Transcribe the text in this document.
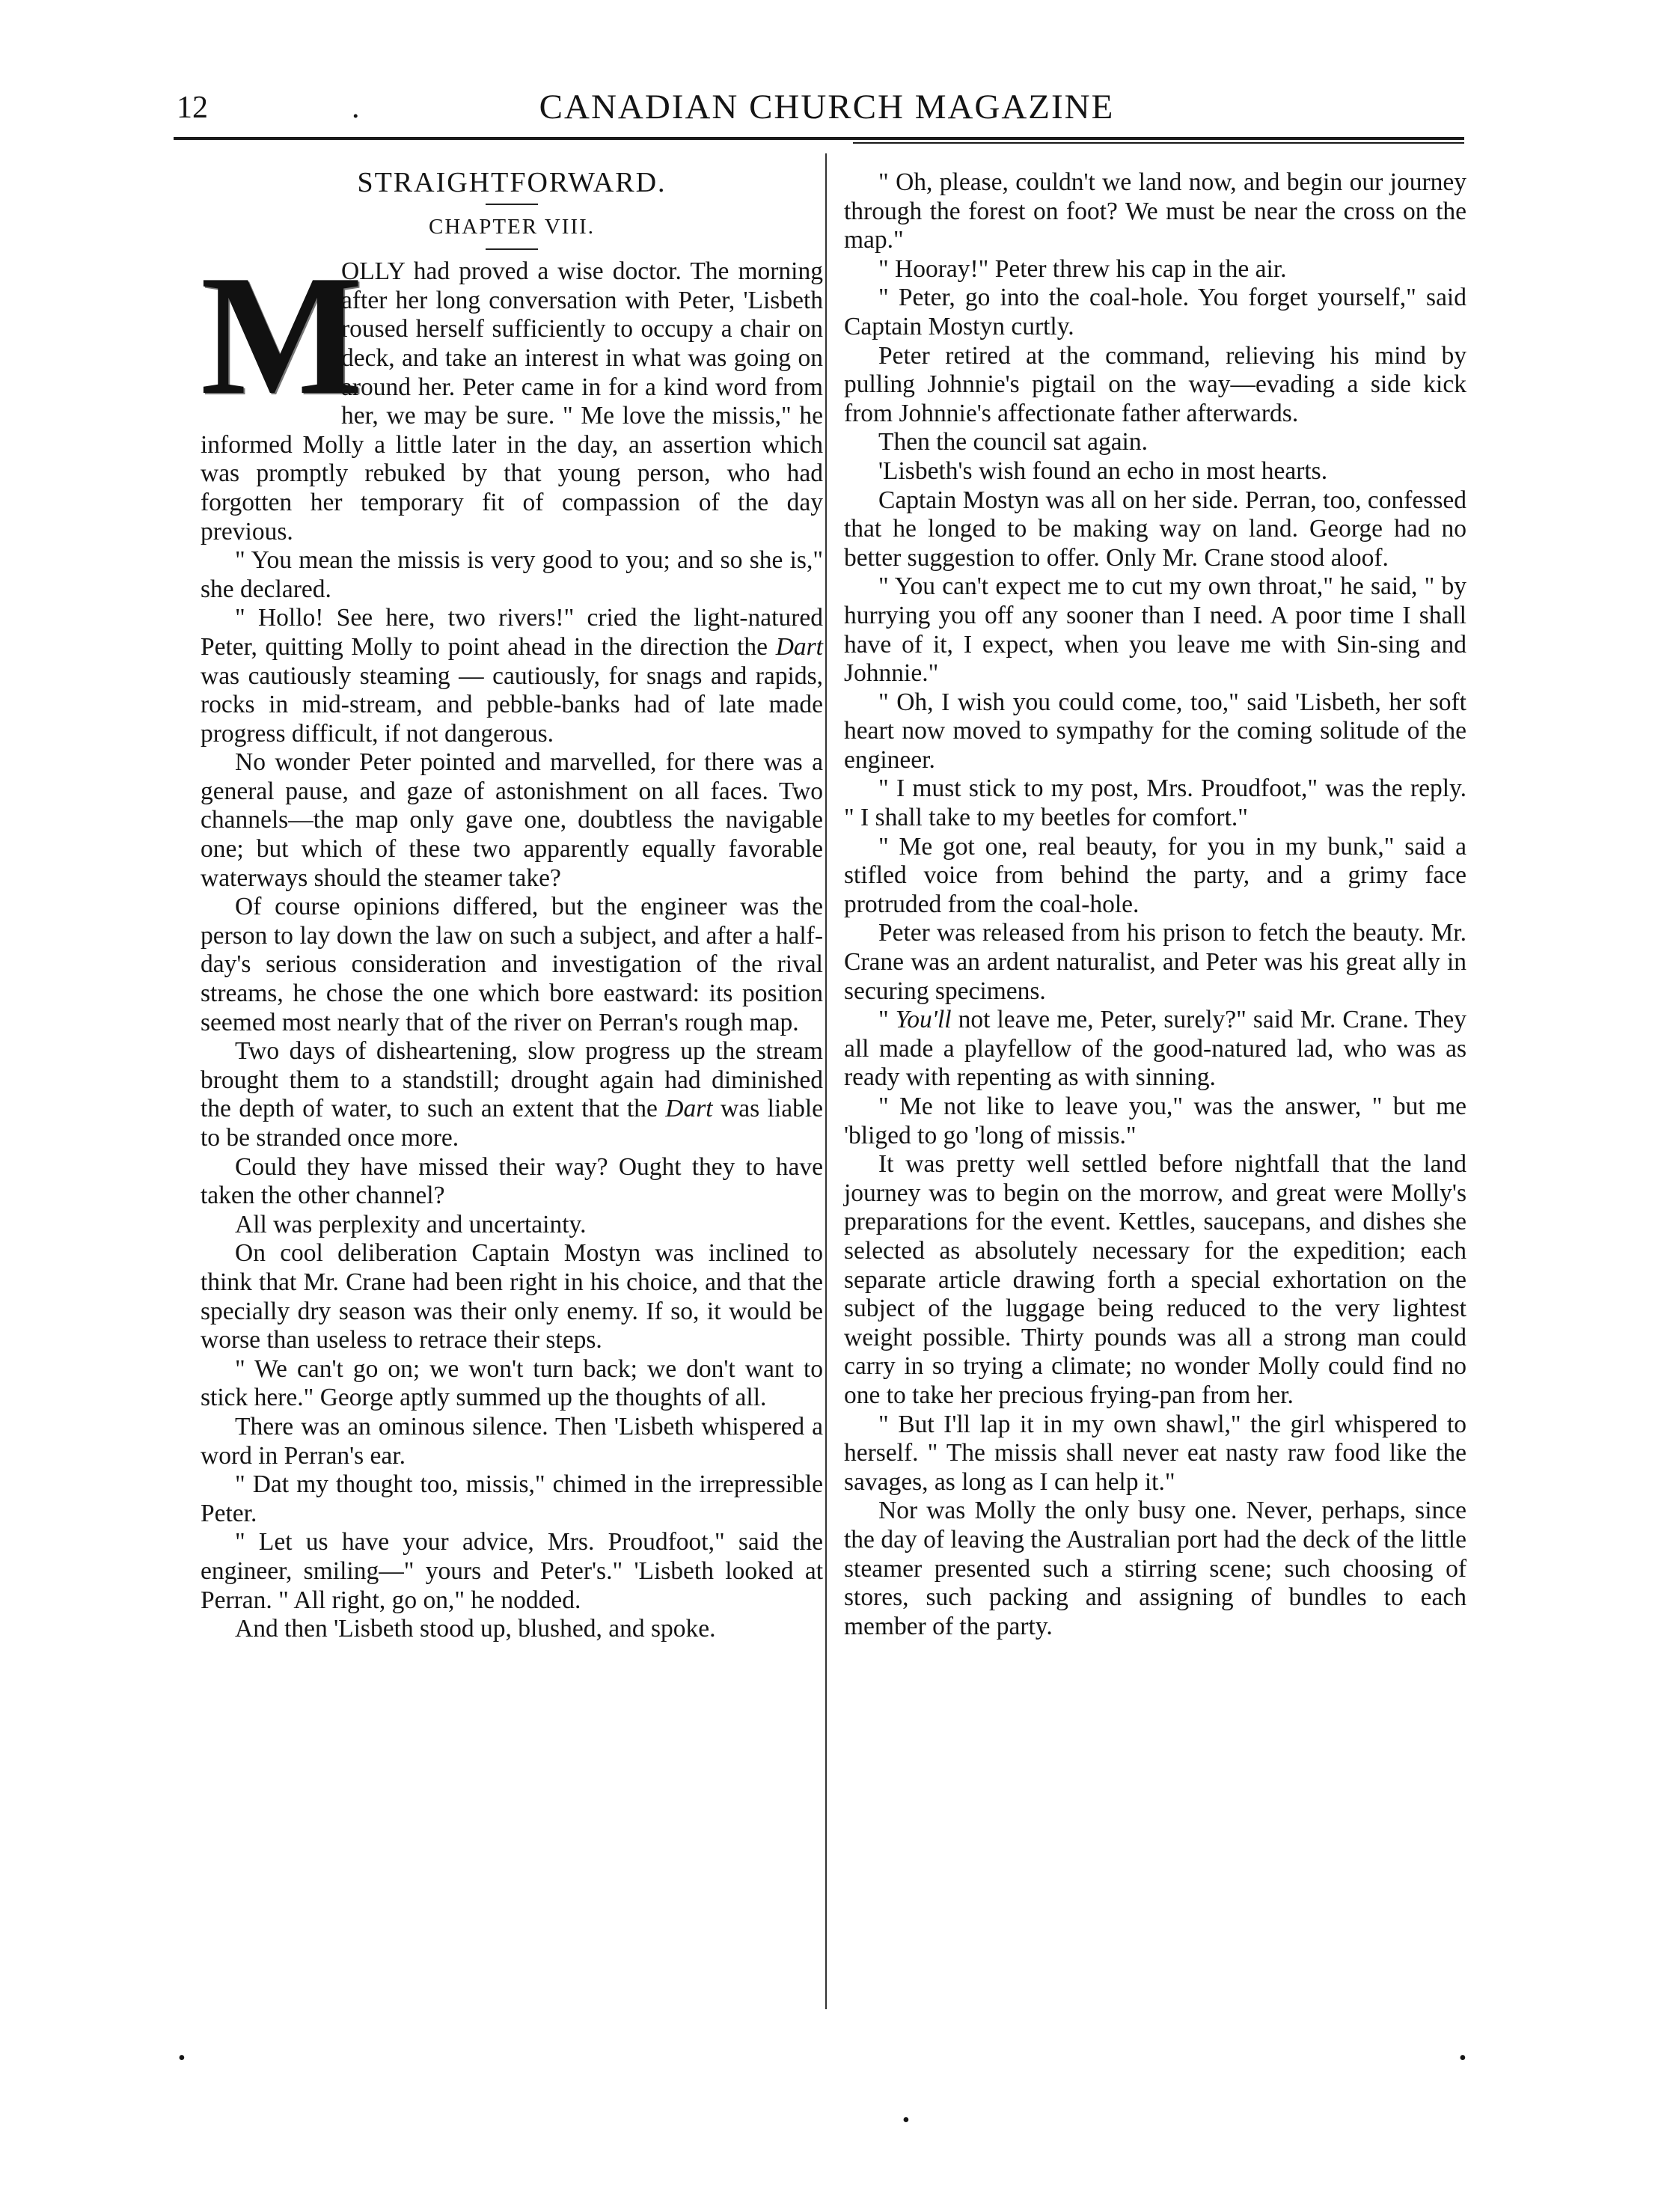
12	.	CANADIAN CHURCH MAGAZINE
STRAIGHTFORWARD.
CHAPTER VIII.

M
OLLY had proved a wise doctor. The morning after her long conversation with Peter, 'Lisbeth roused herself sufficiently to occupy a chair on deck, and take an interest in what was going on around her. Peter came in for a kind word from her, we may be sure. " Me love the missis," he informed Molly a little later in the day, an assertion which was promptly rebuked by that young person, who had forgotten her temporary fit of compassion of the day previous.

" You mean the missis is very good to you; and so she is," she declared.

" Hollo! See here, two rivers!" cried the light-natured Peter, quitting Molly to point ahead in the direction the Dart was cautiously steaming — cautiously, for snags and rapids, rocks in mid-stream, and pebble-banks had of late made progress difficult, if not dangerous.

No wonder Peter pointed and marvelled, for there was a general pause, and gaze of astonishment on all faces. Two channels—the map only gave one, doubtless the navigable one; but which of these two apparently equally favorable waterways should the steamer take?

Of course opinions differed, but the engineer was the person to lay down the law on such a subject, and after a half-day's serious consideration and investigation of the rival streams, he chose the one which bore eastward: its position seemed most nearly that of the river on Perran's rough map.

Two days of disheartening, slow progress up the stream brought them to a standstill; drought again had diminished the depth of water, to such an extent that the Dart was liable to be stranded once more.

Could they have missed their way? Ought they to have taken the other channel?

All was perplexity and uncertainty.

On cool deliberation Captain Mostyn was inclined to think that Mr. Crane had been right in his choice, and that the specially dry season was their only enemy. If so, it would be worse than useless to retrace their steps.

" We can't go on; we won't turn back; we don't want to stick here." George aptly summed up the thoughts of all.

There was an ominous silence. Then 'Lisbeth whispered a word in Perran's ear.

" Dat my thought too, missis," chimed in the irrepressible Peter.

" Let us have your advice, Mrs. Proudfoot," said the engineer, smiling—" yours and Peter's." 'Lisbeth looked at Perran. " All right, go on," he nodded.

And then 'Lisbeth stood up, blushed, and spoke.

" Oh, please, couldn't we land now, and begin our journey through the forest on foot? We must be near the cross on the map."

" Hooray!" Peter threw his cap in the air.

" Peter, go into the coal-hole. You forget yourself," said Captain Mostyn curtly.

Peter retired at the command, relieving his mind by pulling Johnnie's pigtail on the way—evading a side kick from Johnnie's affectionate father afterwards.

Then the council sat again.

'Lisbeth's wish found an echo in most hearts.

Captain Mostyn was all on her side. Perran, too, confessed that he longed to be making way on land. George had no better suggestion to offer. Only Mr. Crane stood aloof.

" You can't expect me to cut my own throat," he said, " by hurrying you off any sooner than I need. A poor time I shall have of it, I expect, when you leave me with Sin-sing and Johnnie."

" Oh, I wish you could come, too," said 'Lisbeth, her soft heart now moved to sympathy for the coming solitude of the engineer.

" I must stick to my post, Mrs. Proudfoot," was the reply. " I shall take to my beetles for comfort."

" Me got one, real beauty, for you in my bunk," said a stifled voice from behind the party, and a grimy face protruded from the coal-hole.

Peter was released from his prison to fetch the beauty. Mr. Crane was an ardent naturalist, and Peter was his great ally in securing specimens.

" You'll not leave me, Peter, surely?" said Mr. Crane. They all made a playfellow of the good-natured lad, who was as ready with repenting as with sinning.

" Me not like to leave you," was the answer, " but me 'bliged to go 'long of missis."

It was pretty well settled before nightfall that the land journey was to begin on the morrow, and great were Molly's preparations for the event. Kettles, saucepans, and dishes she selected as absolutely necessary for the expedition; each separate article drawing forth a special exhortation on the subject of the luggage being reduced to the very lightest weight possible. Thirty pounds was all a strong man could carry in so trying a climate; no wonder Molly could find no one to take her precious frying-pan from her.

" But I'll lap it in my own shawl," the girl whispered to herself. " The missis shall never eat nasty raw food like the savages, as long as I can help it."

Nor was Molly the only busy one. Never, perhaps, since the day of leaving the Australian port had the deck of the little steamer presented such a stirring scene; such choosing of stores, such packing and assigning of bundles to each member of the party.

•
•
•
